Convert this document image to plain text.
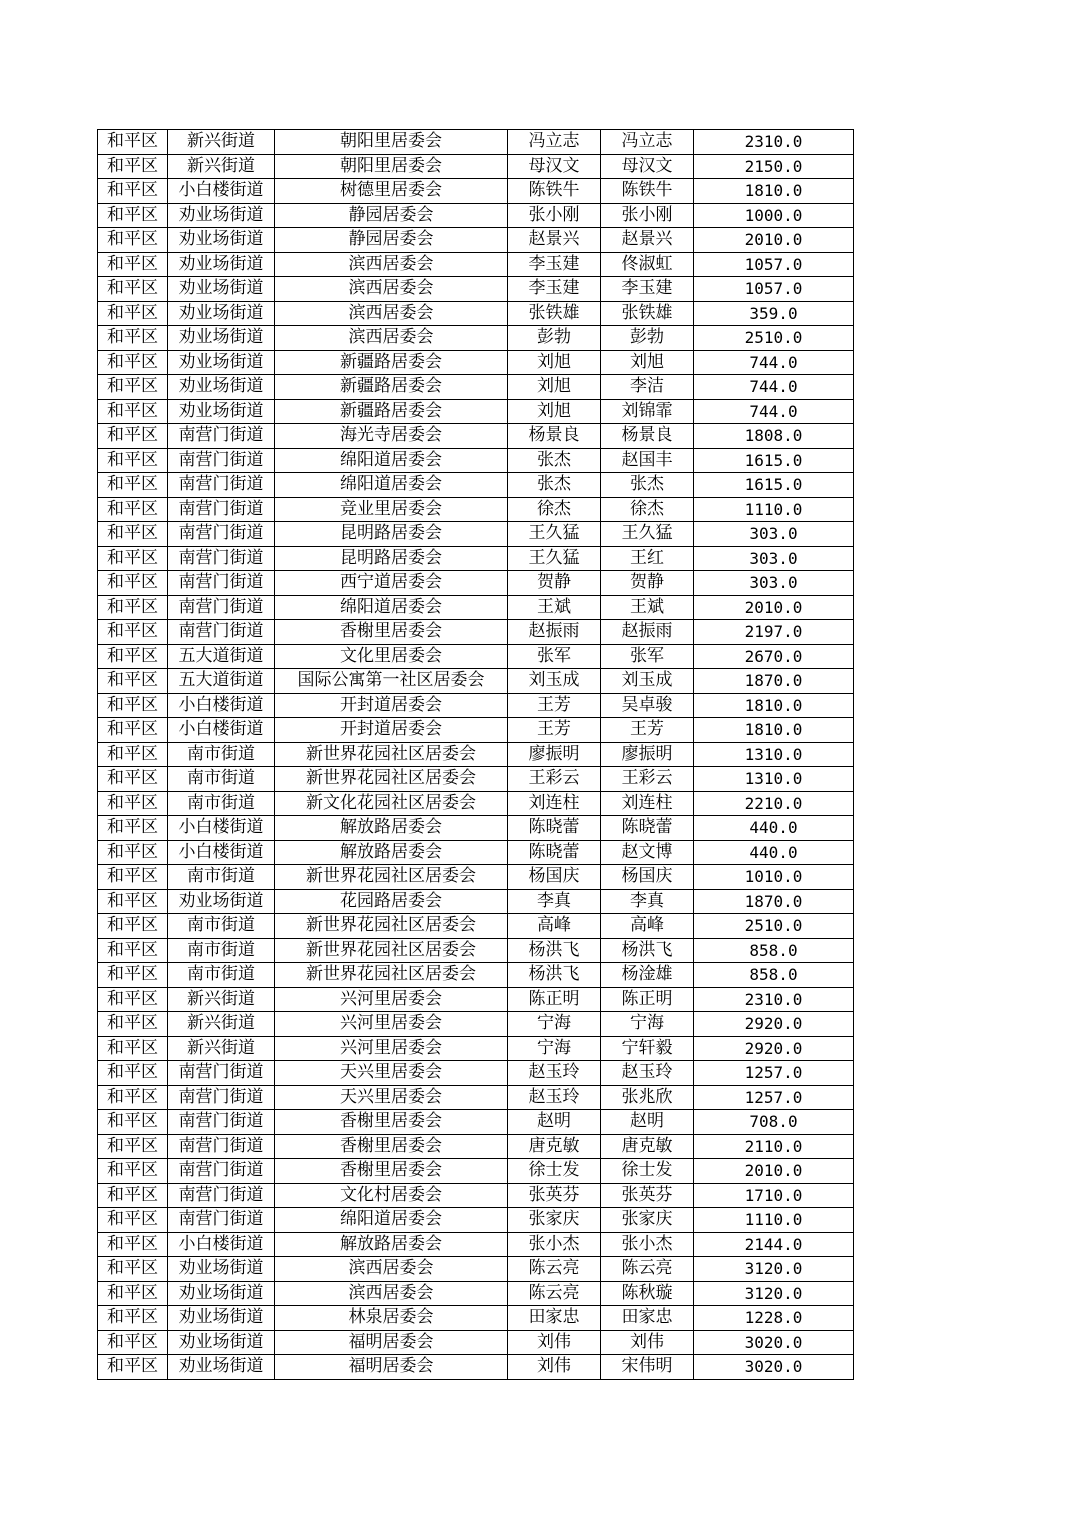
和平区	新兴街道	朝阳里居委会	冯立志	冯立志	2310.0
和平区	新兴街道	朝阳里居委会	母汉文	母汉文	2150.0
和平区	小白楼街道	树德里居委会	陈铁牛	陈铁牛	1810.0
和平区	劝业场街道	静园居委会	张小刚	张小刚	1000.0
和平区	劝业场街道	静园居委会	赵景兴	赵景兴	2010.0
和平区	劝业场街道	滨西居委会	李玉建	佟淑虹	1057.0
和平区	劝业场街道	滨西居委会	李玉建	李玉建	1057.0
和平区	劝业场街道	滨西居委会	张铁雄	张铁雄	359.0
和平区	劝业场街道	滨西居委会	彭勃	彭勃	2510.0
和平区	劝业场街道	新疆路居委会	刘旭	刘旭	744.0
和平区	劝业场街道	新疆路居委会	刘旭	李洁	744.0
和平区	劝业场街道	新疆路居委会	刘旭	刘锦霏	744.0
和平区	南营门街道	海光寺居委会	杨景良	杨景良	1808.0
和平区	南营门街道	绵阳道居委会	张杰	赵国丰	1615.0
和平区	南营门街道	绵阳道居委会	张杰	张杰	1615.0
和平区	南营门街道	竞业里居委会	徐杰	徐杰	1110.0
和平区	南营门街道	昆明路居委会	王久猛	王久猛	303.0
和平区	南营门街道	昆明路居委会	王久猛	王红	303.0
和平区	南营门街道	西宁道居委会	贺静	贺静	303.0
和平区	南营门街道	绵阳道居委会	王斌	王斌	2010.0
和平区	南营门街道	香榭里居委会	赵振雨	赵振雨	2197.0
和平区	五大道街道	文化里居委会	张军	张军	2670.0
和平区	五大道街道	国际公寓第一社区居委会	刘玉成	刘玉成	1870.0
和平区	小白楼街道	开封道居委会	王芳	吴卓骏	1810.0
和平区	小白楼街道	开封道居委会	王芳	王芳	1810.0
和平区	南市街道	新世界花园社区居委会	廖振明	廖振明	1310.0
和平区	南市街道	新世界花园社区居委会	王彩云	王彩云	1310.0
和平区	南市街道	新文化花园社区居委会	刘连柱	刘连柱	2210.0
和平区	小白楼街道	解放路居委会	陈晓蕾	陈晓蕾	440.0
和平区	小白楼街道	解放路居委会	陈晓蕾	赵文博	440.0
和平区	南市街道	新世界花园社区居委会	杨国庆	杨国庆	1010.0
和平区	劝业场街道	花园路居委会	李真	李真	1870.0
和平区	南市街道	新世界花园社区居委会	高峰	高峰	2510.0
和平区	南市街道	新世界花园社区居委会	杨洪飞	杨洪飞	858.0
和平区	南市街道	新世界花园社区居委会	杨洪飞	杨淦雄	858.0
和平区	新兴街道	兴河里居委会	陈正明	陈正明	2310.0
和平区	新兴街道	兴河里居委会	宁海	宁海	2920.0
和平区	新兴街道	兴河里居委会	宁海	宁轩毅	2920.0
和平区	南营门街道	天兴里居委会	赵玉玲	赵玉玲	1257.0
和平区	南营门街道	天兴里居委会	赵玉玲	张兆欣	1257.0
和平区	南营门街道	香榭里居委会	赵明	赵明	708.0
和平区	南营门街道	香榭里居委会	唐克敏	唐克敏	2110.0
和平区	南营门街道	香榭里居委会	徐士发	徐士发	2010.0
和平区	南营门街道	文化村居委会	张英芬	张英芬	1710.0
和平区	南营门街道	绵阳道居委会	张家庆	张家庆	1110.0
和平区	小白楼街道	解放路居委会	张小杰	张小杰	2144.0
和平区	劝业场街道	滨西居委会	陈云亮	陈云亮	3120.0
和平区	劝业场街道	滨西居委会	陈云亮	陈秋璇	3120.0
和平区	劝业场街道	林泉居委会	田家忠	田家忠	1228.0
和平区	劝业场街道	福明居委会	刘伟	刘伟	3020.0
和平区	劝业场街道	福明居委会	刘伟	宋伟明	3020.0
